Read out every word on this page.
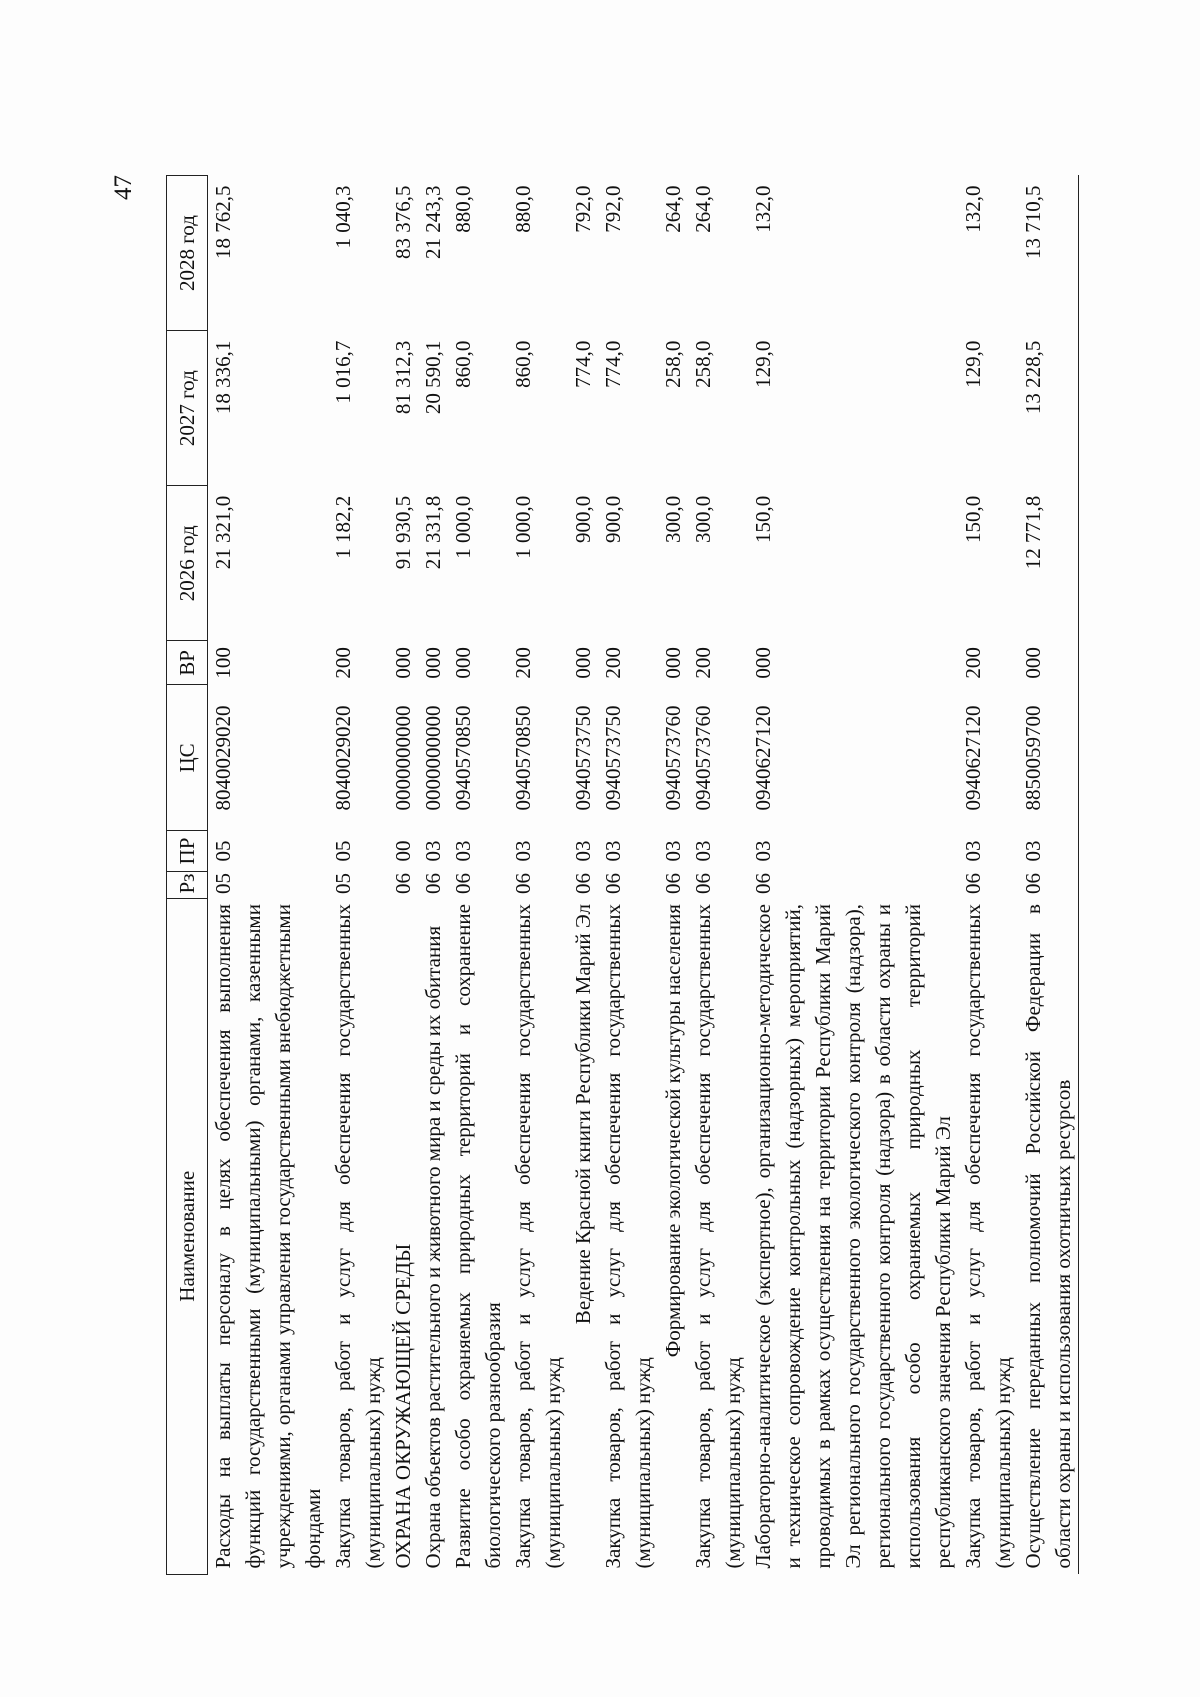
47
Наименование	Рз	ПР	ЦС	ВР	2026 год	2027 год	2028 год
Расходы на выплаты персоналу в целях обеспечения выполнения функций государственными (муниципальными) органами, казенными учреждениями, органами управления государственными внебюджетными фондами	05	05	8040029020	100	21 321,0	18 336,1	18 762,5
Закупка товаров, работ и услуг для обеспечения государственных (муниципальных) нужд	05	05	8040029020	200	1 182,2	1 016,7	1 040,3
ОХРАНА ОКРУЖАЮЩЕЙ СРЕДЫ	06	00	0000000000	000	91 930,5	81 312,3	83 376,5
Охрана объектов растительного и животного мира и среды их обитания	06	03	0000000000	000	21 331,8	20 590,1	21 243,3
Развитие особо охраняемых природных территорий и сохранение биологического разнообразия	06	03	0940570850	000	1 000,0	860,0	880,0
Закупка товаров, работ и услуг для обеспечения государственных (муниципальных) нужд	06	03	0940570850	200	1 000,0	860,0	880,0
Ведение Красной книги Республики Марий Эл	06	03	0940573750	000	900,0	774,0	792,0
Закупка товаров, работ и услуг для обеспечения государственных (муниципальных) нужд	06	03	0940573750	200	900,0	774,0	792,0
Формирование экологической культуры населения	06	03	0940573760	000	300,0	258,0	264,0
Закупка товаров, работ и услуг для обеспечения государственных (муниципальных) нужд	06	03	0940573760	200	300,0	258,0	264,0
Лабораторно-аналитическое (экспертное), организационно-методическое и техническое сопровождение контрольных (надзорных) мероприятий, проводимых в рамках осуществления на территории Республики Марий Эл регионального государственного экологического контроля (надзора), регионального государственного контроля (надзора) в области охраны и использования особо охраняемых природных территорий республиканского значения Республики Марий Эл	06	03	0940627120	000	150,0	129,0	132,0
Закупка товаров, работ и услуг для обеспечения государственных (муниципальных) нужд	06	03	0940627120	200	150,0	129,0	132,0
Осуществление переданных полномочий Российской Федерации в области охраны и использования охотничьих ресурсов	06	03	8850059700	000	12 771,8	13 228,5	13 710,5
